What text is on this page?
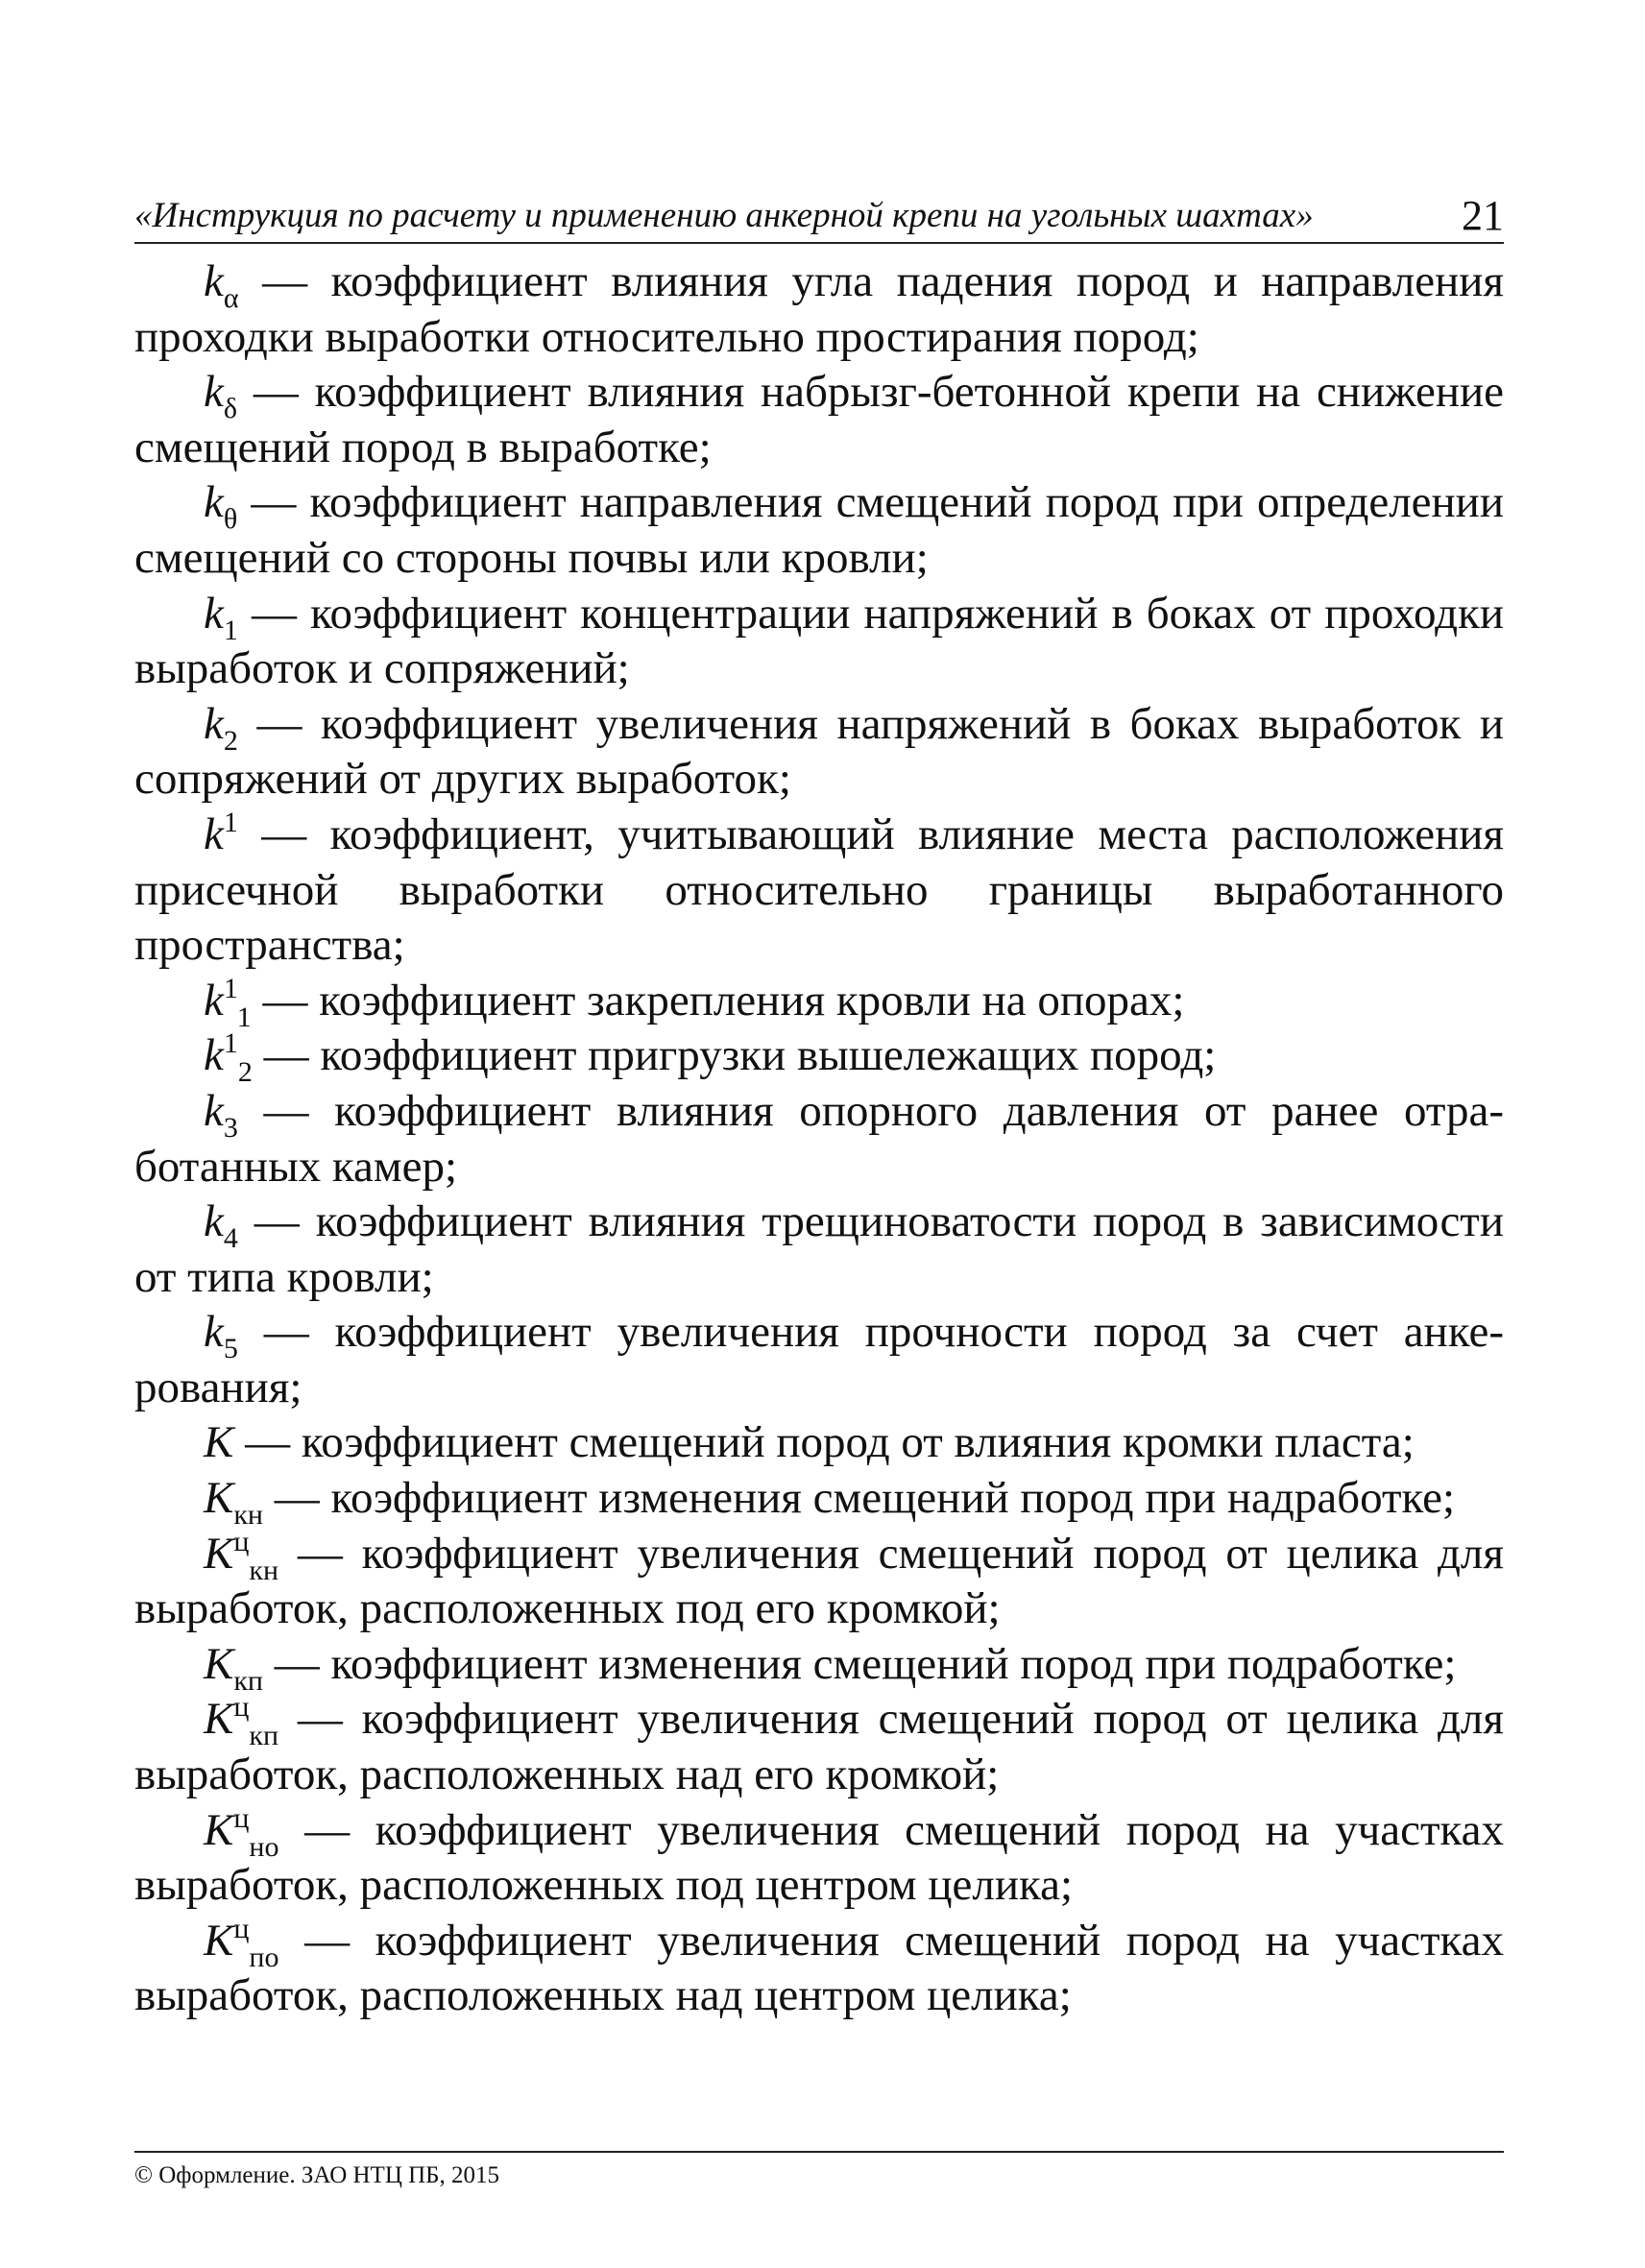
«Инструкция по расчету и применению анкерной крепи на угольных шахтах»	21

$k_\alpha$ — коэффициент влияния угла падения пород и направления проходки выработки относительно простирания пород;

$k_\delta$ — коэффициент влияния набрызг-бетонной крепи на снижение смещений пород в выработке;

$k_\theta$ — коэффициент направления смещений пород при определении смещений со стороны почвы или кровли;

$k_1$ — коэффициент концентрации напряжений в боках от проходки выработок и сопряжений;

$k_2$ — коэффициент увеличения напряжений в боках выработок и сопряжений от других выработок;

$k^1$ — коэффициент, учитывающий влияние места расположения присечной выработки относительно границы выработанного пространства;

$k^1_1$ — коэффициент закрепления кровли на опорах;

$k^1_2$ — коэффициент пригрузки вышележащих пород;

$k_3$ — коэффициент влияния опорного давления от ранее отработанных камер;

$k_4$ — коэффициент влияния трещиноватости пород в зависимости от типа кровли;

$k_5$ — коэффициент увеличения прочности пород за счет анкерования;

K — коэффициент смещений пород от влияния кромки пласта;

$K_{кн}$ — коэффициент изменения смещений пород при надработке;

$K^ц_{кн}$ — коэффициент увеличения смещений пород от целика для выработок, расположенных под его кромкой;

$K_{кп}$ — коэффициент изменения смещений пород при подработке;

$K^ц_{кп}$ — коэффициент увеличения смещений пород от целика для выработок, расположенных над его кромкой;

$K^ц_{но}$ — коэффициент увеличения смещений пород на участках выработок, расположенных под центром целика;

$K^ц_{по}$ — коэффициент увеличения смещений пород на участках выработок, расположенных над центром целика;

© Оформление. ЗАО НТЦ ПБ, 2015
